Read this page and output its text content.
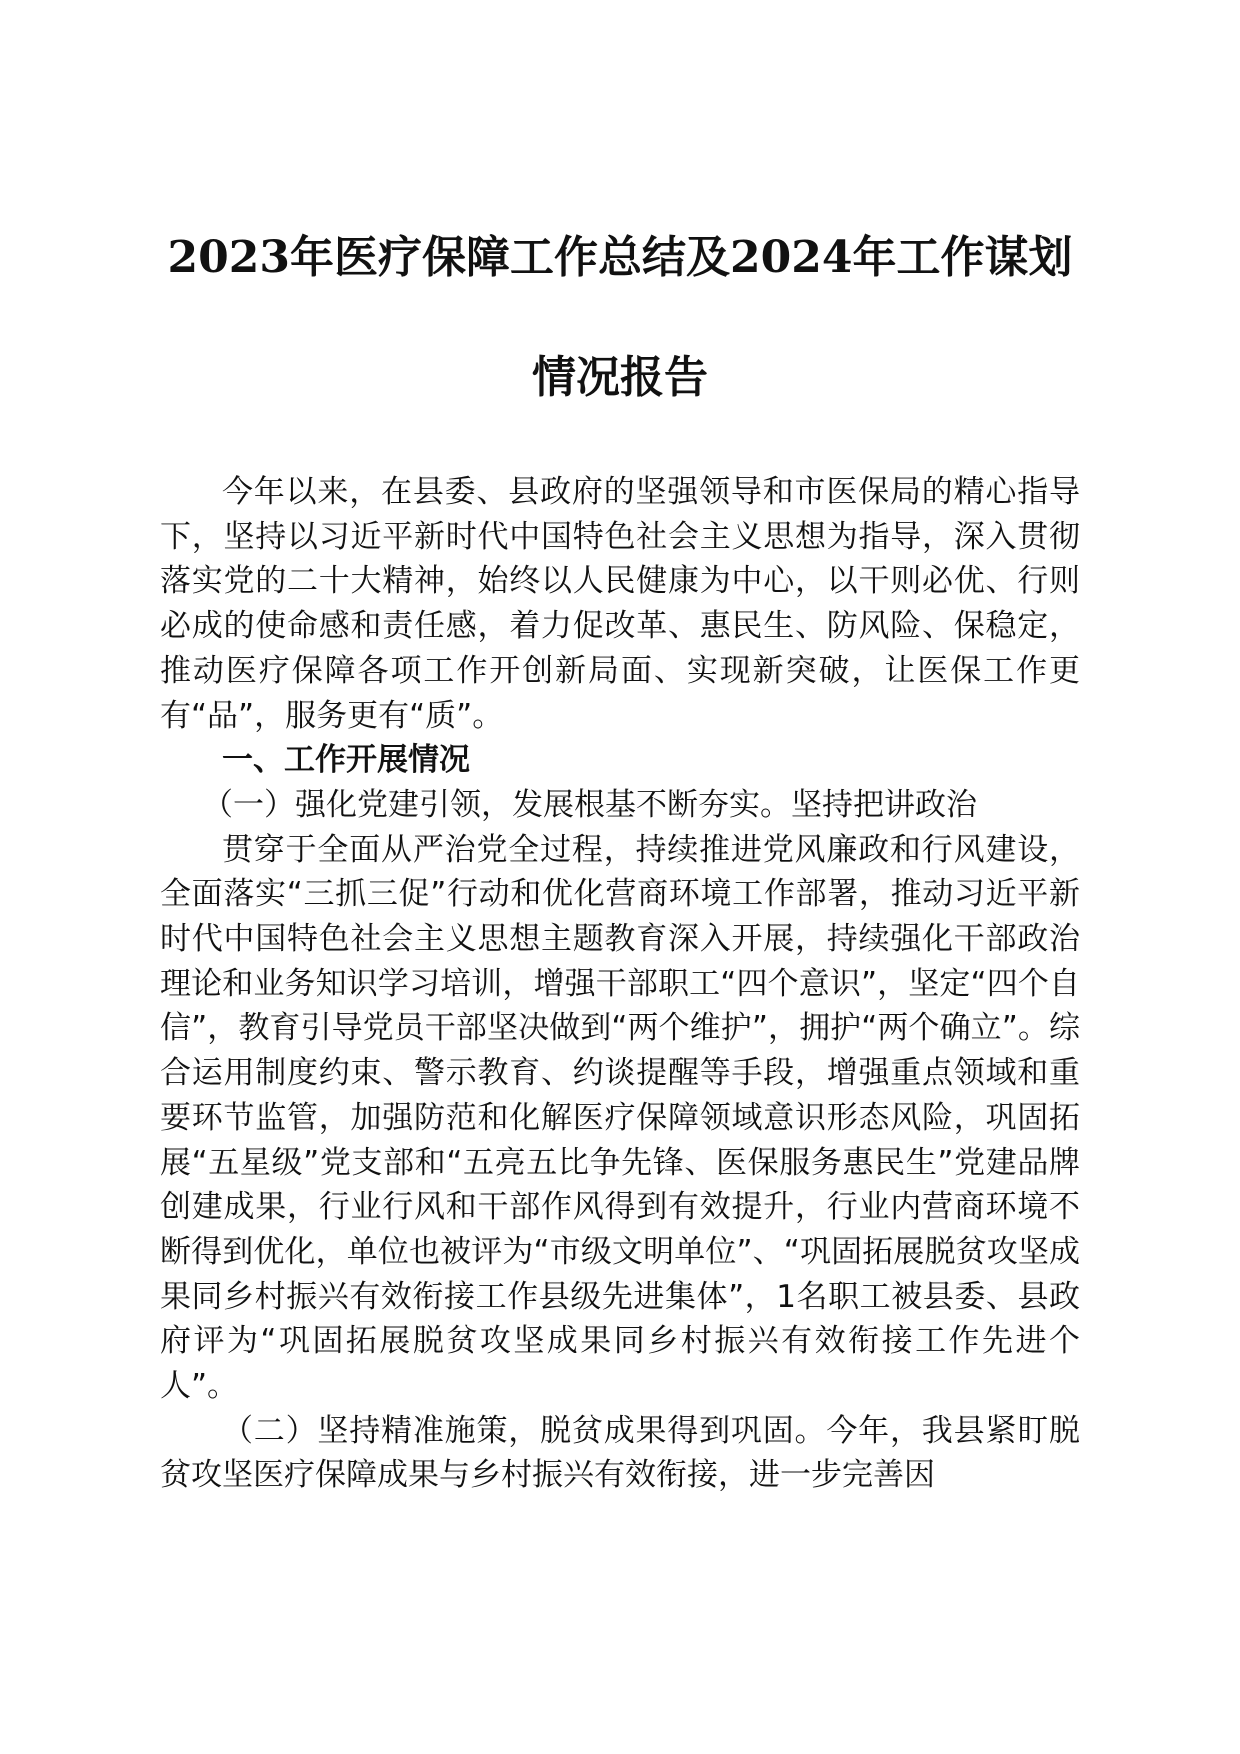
2023年医疗保障工作总结及2024年工作谋划
情况报告

今年以来，在县委、县政府的坚强领导和市医保局的精心指导下，坚持以习近平新时代中国特色社会主义思想为指导，深入贯彻落实党的二十大精神，始终以人民健康为中心，以干则必优、行则必成的使命感和责任感，着力促改革、惠民生、防风险、保稳定，推动医疗保障各项工作开创新局面、实现新突破，让医保工作更有“品”，服务更有“质”。

一、工作开展情况

（一）强化党建引领，发展根基不断夯实。坚持把讲政治

贯穿于全面从严治党全过程，持续推进党风廉政和行风建设，全面落实“三抓三促”行动和优化营商环境工作部署，推动习近平新时代中国特色社会主义思想主题教育深入开展，持续强化干部政治理论和业务知识学习培训，增强干部职工“四个意识”，坚定“四个自信”，教育引导党员干部坚决做到“两个维护”，拥护“两个确立”。综合运用制度约束、警示教育、约谈提醒等手段，增强重点领域和重要环节监管，加强防范和化解医疗保障领域意识形态风险，巩固拓展“五星级”党支部和“五亮五比争先锋、医保服务惠民生”党建品牌创建成果，行业行风和干部作风得到有效提升，行业内营商环境不断得到优化，单位也被评为“市级文明单位”、“巩固拓展脱贫攻坚成果同乡村振兴有效衔接工作县级先进集体”，1名职工被县委、县政府评为“巩固拓展脱贫攻坚成果同乡村振兴有效衔接工作先进个人”。

（二）坚持精准施策，脱贫成果得到巩固。今年，我县紧盯脱贫攻坚医疗保障成果与乡村振兴有效衔接，进一步完善因
